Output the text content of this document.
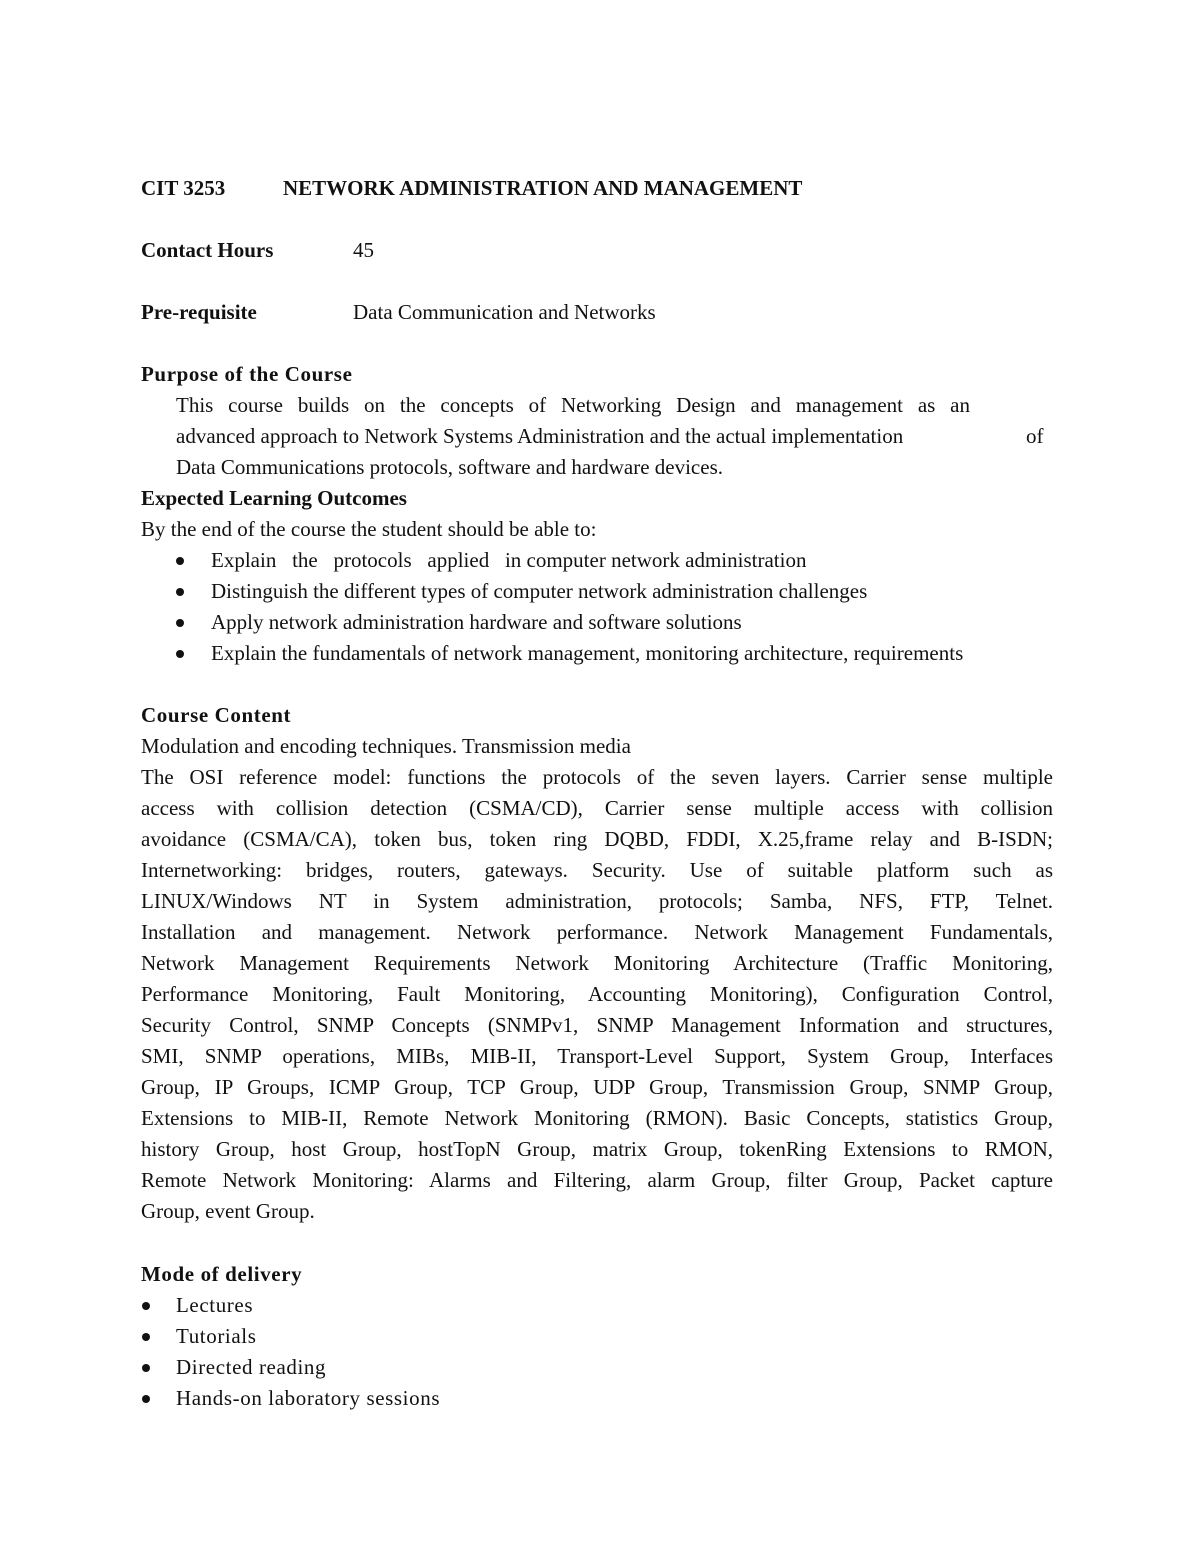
CIT 3253	NETWORK ADMINISTRATION AND MANAGEMENT
Contact Hours	45
Pre-requisite	Data Communication and Networks
Purpose of the Course
This course builds on the concepts of Networking Design and management as an
advanced approach to Network Systems Administration and the actual implementation	of
Data Communications protocols, software and hardware devices.
Expected Learning Outcomes
By the end of the course the student should be able to:
Explain   the   protocols   applied   in computer network administration
Distinguish the different types of computer network administration challenges
Apply network administration hardware and software solutions
Explain the fundamentals of network management, monitoring architecture, requirements
Course Content
Modulation and encoding techniques. Transmission media
The OSI reference model: functions the protocols of the seven layers. Carrier sense multiple
access with collision detection (CSMA/CD), Carrier sense multiple access with collision
avoidance (CSMA/CA), token bus, token ring DQBD, FDDI, X.25,frame relay and B-ISDN;
Internetworking: bridges, routers, gateways. Security. Use of suitable platform such as
LINUX/Windows NT in System administration, protocols; Samba, NFS, FTP, Telnet.
Installation and management. Network performance. Network Management Fundamentals,
Network Management Requirements Network Monitoring Architecture (Traffic Monitoring,
Performance Monitoring, Fault Monitoring, Accounting Monitoring), Configuration Control,
Security Control, SNMP Concepts (SNMPv1, SNMP Management Information and structures,
SMI, SNMP operations, MIBs, MIB-II, Transport-Level Support, System Group, Interfaces
Group, IP Groups, ICMP Group, TCP Group, UDP Group, Transmission Group, SNMP Group,
Extensions to MIB-II, Remote Network Monitoring (RMON). Basic Concepts, statistics Group,
history Group, host Group, hostTopN Group, matrix Group, tokenRing Extensions to RMON,
Remote Network Monitoring: Alarms and Filtering, alarm Group, filter Group, Packet capture
Group, event Group.
Mode of delivery
Lectures
Tutorials
Directed reading
Hands-on laboratory sessions
